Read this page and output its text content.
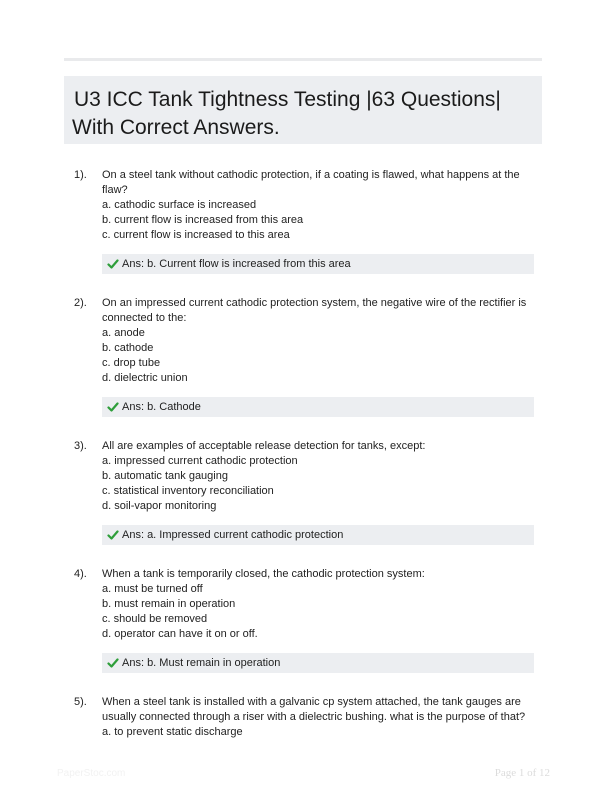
U3 ICC Tank Tightness Testing |63 Questions|
With Correct Answers.
1). On a steel tank without cathodic protection, if a coating is flawed, what happens at the flaw?

a. cathodic surface is increased

b. current flow is increased from this area

c. current flow is increased to this area

Ans: b. Current flow is increased from this area
2). On an impressed current cathodic protection system, the negative wire of the rectifier is connected to the:

a. anode

b. cathode

c. drop tube

d. dielectric union

Ans: b. Cathode
3). All are examples of acceptable release detection for tanks, except:

a. impressed current cathodic protection

b. automatic tank gauging

c. statistical inventory reconciliation

d. soil-vapor monitoring

Ans: a. Impressed current cathodic protection
4). When a tank is temporarily closed, the cathodic protection system:

a. must be turned off

b. must remain in operation

c. should be removed

d. operator can have it on or off.

Ans: b. Must remain in operation
5). When a steel tank is installed with a galvanic cp system attached, the tank gauges are usually connected through a riser with a dielectric bushing. what is the purpose of that?

a. to prevent static discharge

PaperStoc.com	Page 1 of 12
